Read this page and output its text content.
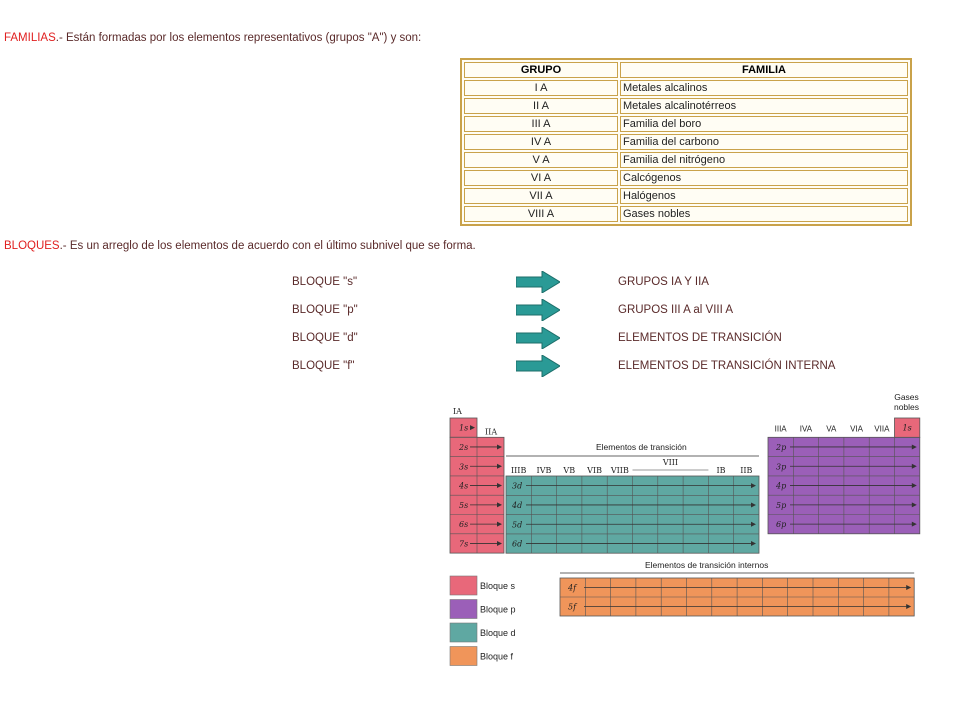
FAMILIAS.- Están formadas por los elementos representativos (grupos "A") y son:
GRUPO	FAMILIA
I A	Metales alcalinos
II A	Metales alcalinotérreos
III A	Familia del boro
IV A	Familia del carbono
V A	Familia del nitrógeno
VI A	Calcógenos
VII A	Halógenos
VIII A	Gases nobles
BLOQUES.- Es un arreglo de los elementos de acuerdo con el último subnivel que se forma.
BLOQUE "s"	GRUPOS IA Y IIA
BLOQUE "p"	GRUPOS III A al VIII A
BLOQUE "d"	ELEMENTOS DE TRANSICIÓN
BLOQUE "f"	ELEMENTOS DE TRANSICIÓN INTERNA
IA
IIA
1s
2s
3s
4s
5s
6s
7s
Elementos de transición
IIIB IVB VB VIB VIIB	IB IIB
VIII
3d
4d
5d
6d
1s
Gases
nobles
IIIA IVA VA VIA VIIA
2p
3p
4p
5p
6p
Elementos de transición internos
4f
5f
Bloque s
Bloque p
Bloque d
Bloque f
